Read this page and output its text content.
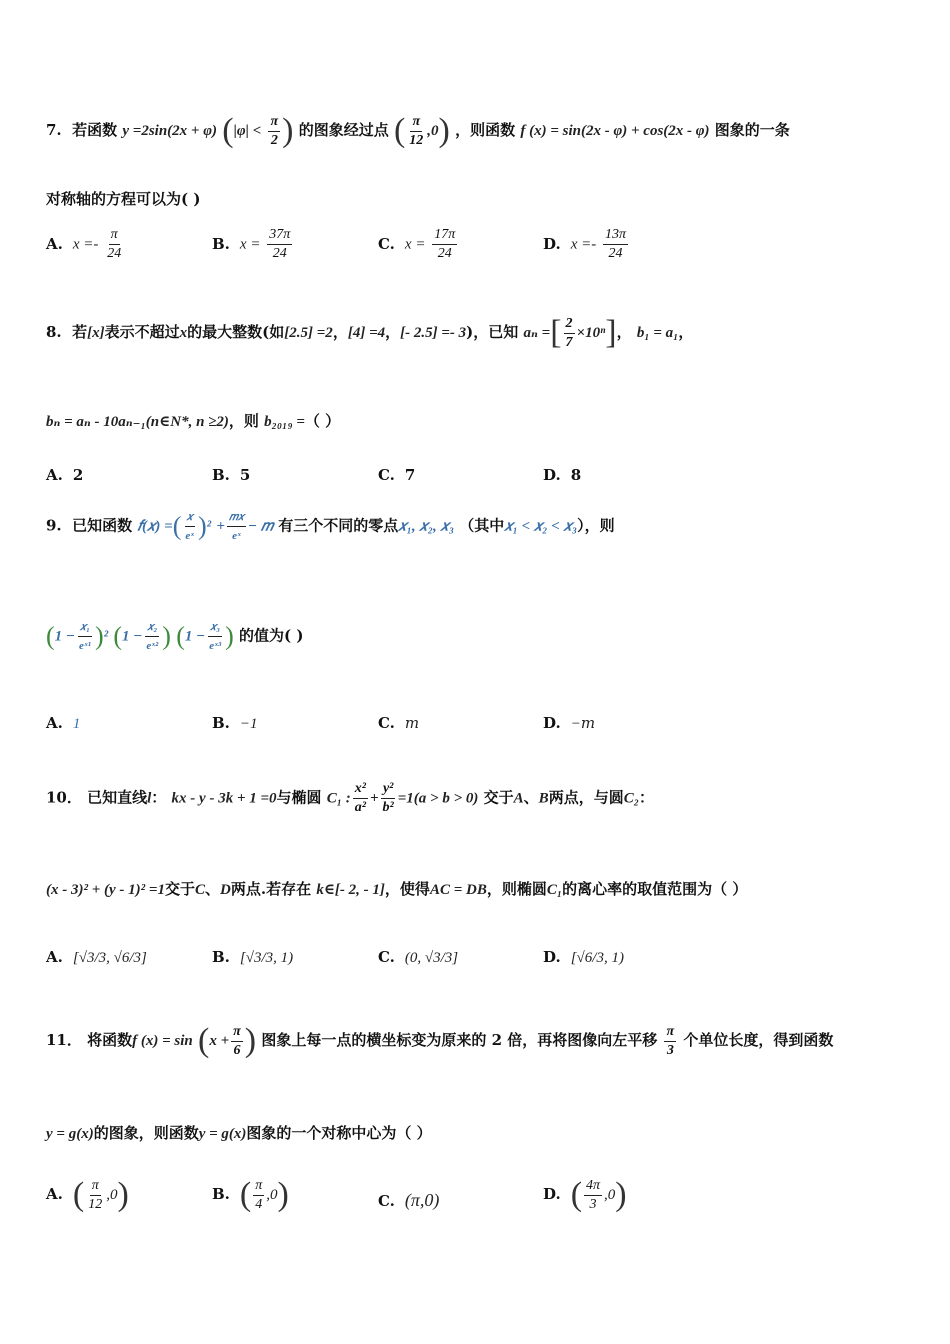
7. 若函数 y =2sin(2x + φ) ($|\varphi| < \frac{\pi}{2}$ ) 的图象经过点 ( $\frac{\pi}{12} ,0$) ，则函数 f (x) = sin(2x - φ) + cos(2x - φ) 图象的一条
对称轴的方程可以为( )
A. $x =- \frac{\pi}{24}$	B. $x = \frac{37\pi}{24}$	C. $x = \frac{17\pi}{24}$	D. $x =- \frac{13\pi}{24}$
8. 若[x]表示不超过x的最大整数(如[2.5] =2，[4] =4，[- 2.5] =- 3)，已知 aₙ =[ $\frac{2}{7} \times 10^n$]， b₁ = a₁，
bₙ = aₙ - 10aₙ₋₁(n∈N*, n ≥2)，则 b₂₀₁₉ =（ ）
A. 2	B. 5	C. 7	D. 8
9. 已知函数 𝑓(𝑥) =( $\frac{\text{𝑥}}{\text{eˣ}} )^2 + \frac{\text{𝑚𝑥}}{\text{eˣ}}$ − 𝑚 有三个不同的零点𝑥₁, 𝑥₂, 𝑥₃ （其中𝑥₁ < 𝑥₂ < 𝑥₃），则
$(1 - \frac{\text{𝑥₁}}{\text{eˣ¹}} )^2$ ($1 - \frac{\text{𝑥₂}}{\text{eˣ²}}$ ) ($1 - \frac{\text{𝑥₃}}{\text{eˣ³}}$ ) 的值为( )
A. 1	B. −1	C. 𝑚	D. −𝑚
10． 已知直线l： kx - y - 3k + 1 =0与椭圆 C₁ : $\frac{\text{x²}}{\text{a²}} + \frac{\text{y²}}{\text{b²}} =1(a > b > 0)$ 交于A、B两点，与圆C₂：
(x - 3)² + (y - 1)² =1交于C、D两点.若存在 k∈[- 2, - 1]，使得AC = DB，则椭圆C₁的离心率的取值范围为（ ）
A. [√3/3, √6/3]	B. [√3/3, 1)	C. (0, √3/3]	D. [√6/3, 1)
11． 将函数f $(x) = \sin (x + \frac{\pi}{6}$ ) 图象上每一点的横坐标变为原来的 2 倍，再将图像向左平移 $\frac{\pi}{3}$ 个单位长度，得到函数
y = g(x)的图象，则函数y = g(x)图象的一个对称中心为（ ）
A. ( $\frac{\pi}{12} ,0$)	B. ( $\frac{\pi}{4} ,0$)	C. (π,0)	D. ( $\frac{4\pi}{3} ,0$)
